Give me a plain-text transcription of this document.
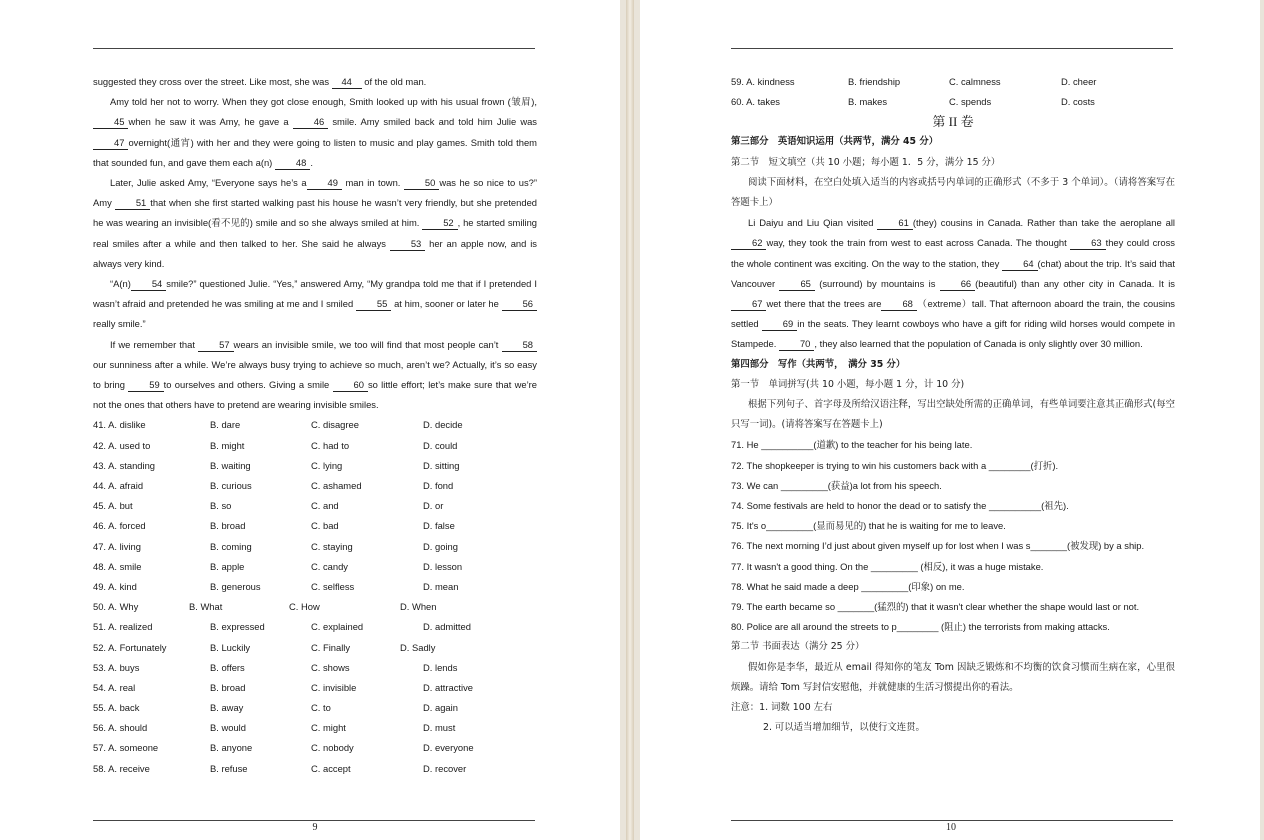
suggested they cross over the street. Like most, she was 44 of the old man.

Amy told her not to worry. When they got close enough, Smith looked up with his usual frown (皱眉), 45 when he saw it was Amy, he gave a 46 smile. Amy smiled back and told him Julie was 47 overnight(通宵) with her and they were going to listen to music and play games. Smith told them that sounded fun, and gave them each a(n) 48 .

Later, Julie asked Amy, “Everyone says he’s a 49 man in town. 50 was he so nice to us?” Amy 51 that when she first started walking past his house he wasn’t very friendly, but she pretended he was wearing an invisible(看不见的) smile and so she always smiled at him. 52 , he started smiling real smiles after a while and then talked to her. She said he always 53 her an apple now, and is always very kind.

“A(n) 54 smile?” questioned Julie. “Yes,” answered Amy, “My grandpa told me that if I pretended I wasn’t afraid and pretended he was smiling at me and I smiled 55 at him, sooner or later he 56 really smile.”

If we remember that 57 wears an invisible smile, we too will find that most people can’t 58our sunniness after a while. We’re always busy trying to achieve so much, aren’t we? Actually, it’s so easy to bring 59 to ourselves and others. Giving a smile 60 so little effort; let’s make sure that we’re not the ones that others have to pretend are wearing invisible smiles.

41. A. dislike	B. dare	C. disagree	D. decide
42. A. used to	B. might	C. had to	D. could
43. A. standing	B. waiting	C. lying	D. sitting
44. A. afraid	B. curious	C. ashamed	D. fond
45. A. but	B. so	C. and	D. or
46. A. forced	B. broad	C. bad	D. false
47. A. living	B. coming	C. staying	D. going
48. A. smile	B. apple	C. candy	D. lesson
49. A. kind	B. generous	C. selfless	D. mean
50. A. Why	B. What	C. How	D. When
51. A. realized	B. expressed	C. explained	D. admitted
52. A. Fortunately	B. Luckily	C. Finally	D. Sadly
53. A. buys	B. offers	C. shows	D. lends
54. A. real	B. broad	C. invisible	D. attractive
55. A. back	B. away	C. to	D. again
56. A. should	B. would	C. might	D. must
57. A. someone	B. anyone	C. nobody	D. everyone
58. A. receive	B. refuse	C. accept	D. recover
9
59. A. kindness	B. friendship	C. calmness	D. cheer
60. A. takes	B. makes	C. spends	D. costs
第 II 卷

第三部分　英语知识运用（共两节，满分 45 分）

第二节　短文填空（共 10 小题；每小题 1．5 分，满分 15 分）

阅读下面材料，在空白处填入适当的内容或括号内单词的正确形式（不多于 3 个单词）。（请将答案写在答题卡上）

Li Daiyu and Liu Qian visited 61 (they) cousins in Canada. Rather than take the aeroplane all62 way, they took the train from west to east across Canada. The thought 63 they could cross the whole continent was exciting. On the way to the station, they 64 (chat) about the trip. It’s said that Vancouver 65 (surround) by mountains is 66 (beautiful) than any other city in Canada. It is 67 wet there that the trees are 68 （extreme）tall. That afternoon aboard the train, the cousins settled 69 in the seats. They learnt cowboys who have a gift for riding wild horses would compete in Stampede. 70 , they also learned that the population of Canada is only slightly over 30 million.

第四部分　写作（共两节，　满分 35 分）

第一节　单词拼写(共 10 小题，每小题 1 分，计 10 分)

根据下列句子、首字母及所给汉语注释，写出空缺处所需的正确单词，有些单词要注意其正确形式(每空只写一词)。(请将答案写在答题卡上)

71. He __________(道歉) to the teacher for his being late.

72. The shopkeeper is trying to win his customers back with a ________(打折).

73. We can _________(获益)a lot from his speech.

74. Some festivals are held to honor the dead or to satisfy the __________(祖先).

75. It's o_________(显而易见的) that he is waiting for me to leave.

76. The next morning I’d just about given myself up for lost when I was s_______(被发现) by a ship.

77. It wasn't a good thing. On the _________ (相反), it was a huge mistake.

78. What he said made a deep _________(印象) on me.

79. The earth became so _______(猛烈的) that it wasn't clear whether the shape would last or not.

80. Police are all around the streets to p________ (阻止) the terrorists from making attacks.

第二节 书面表达（满分 25 分）

假如你是李华，最近从 email 得知你的笔友 Tom 因缺乏锻炼和不均衡的饮食习惯而生病在家，心里很烦躁。请给 Tom 写封信安慰他，并就健康的生活习惯提出你的看法。

注意：1. 词数 100 左右

2. 可以适当增加细节，以使行文连贯。

10
